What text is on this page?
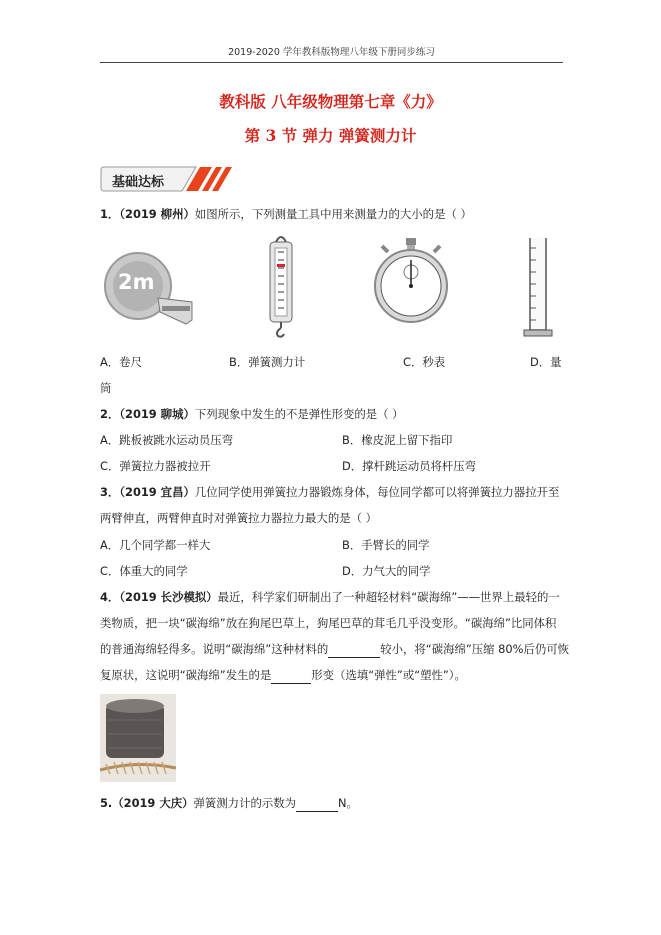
2019-2020 学年教科版物理八年级下册同步练习
教科版 八年级物理第七章《力》
第 3 节 弹力 弹簧测力计
基础达标
1．（2019 柳州）如图所示，下列测量工具中用来测量力的大小的是（ ）
2m
A．卷尺	B．弹簧测力计	C．秒表	D．量
筒
2．（2019 聊城）下列现象中发生的不是弹性形变的是（ ）
A．跳板被跳水运动员压弯	B．橡皮泥上留下指印
C．弹簧拉力器被拉开	D．撑杆跳运动员将杆压弯
3．（2019 宜昌）几位同学使用弹簧拉力器锻炼身体，每位同学都可以将弹簧拉力器拉开至
两臂伸直，两臂伸直时对弹簧拉力器拉力最大的是（ ）
A．几个同学都一样大	B．手臂长的同学
C．体重大的同学	D．力气大的同学
4．（2019 长沙模拟）最近，科学家们研制出了一种超轻材料“碳海绵”——世界上最轻的一
类物质，把一块“碳海绵”放在狗尾巴草上，狗尾巴草的茸毛几乎没变形。“碳海绵”比同体积
的普通海绵轻得多。说明“碳海绵”这种材料的	较小，将“碳海绵”压缩 80%后仍可恢
复原状，这说明“碳海绵”发生的是	形变（选填“弹性”或“塑性”）。
5.（2019 大庆）弹簧测力计的示数为	N。
